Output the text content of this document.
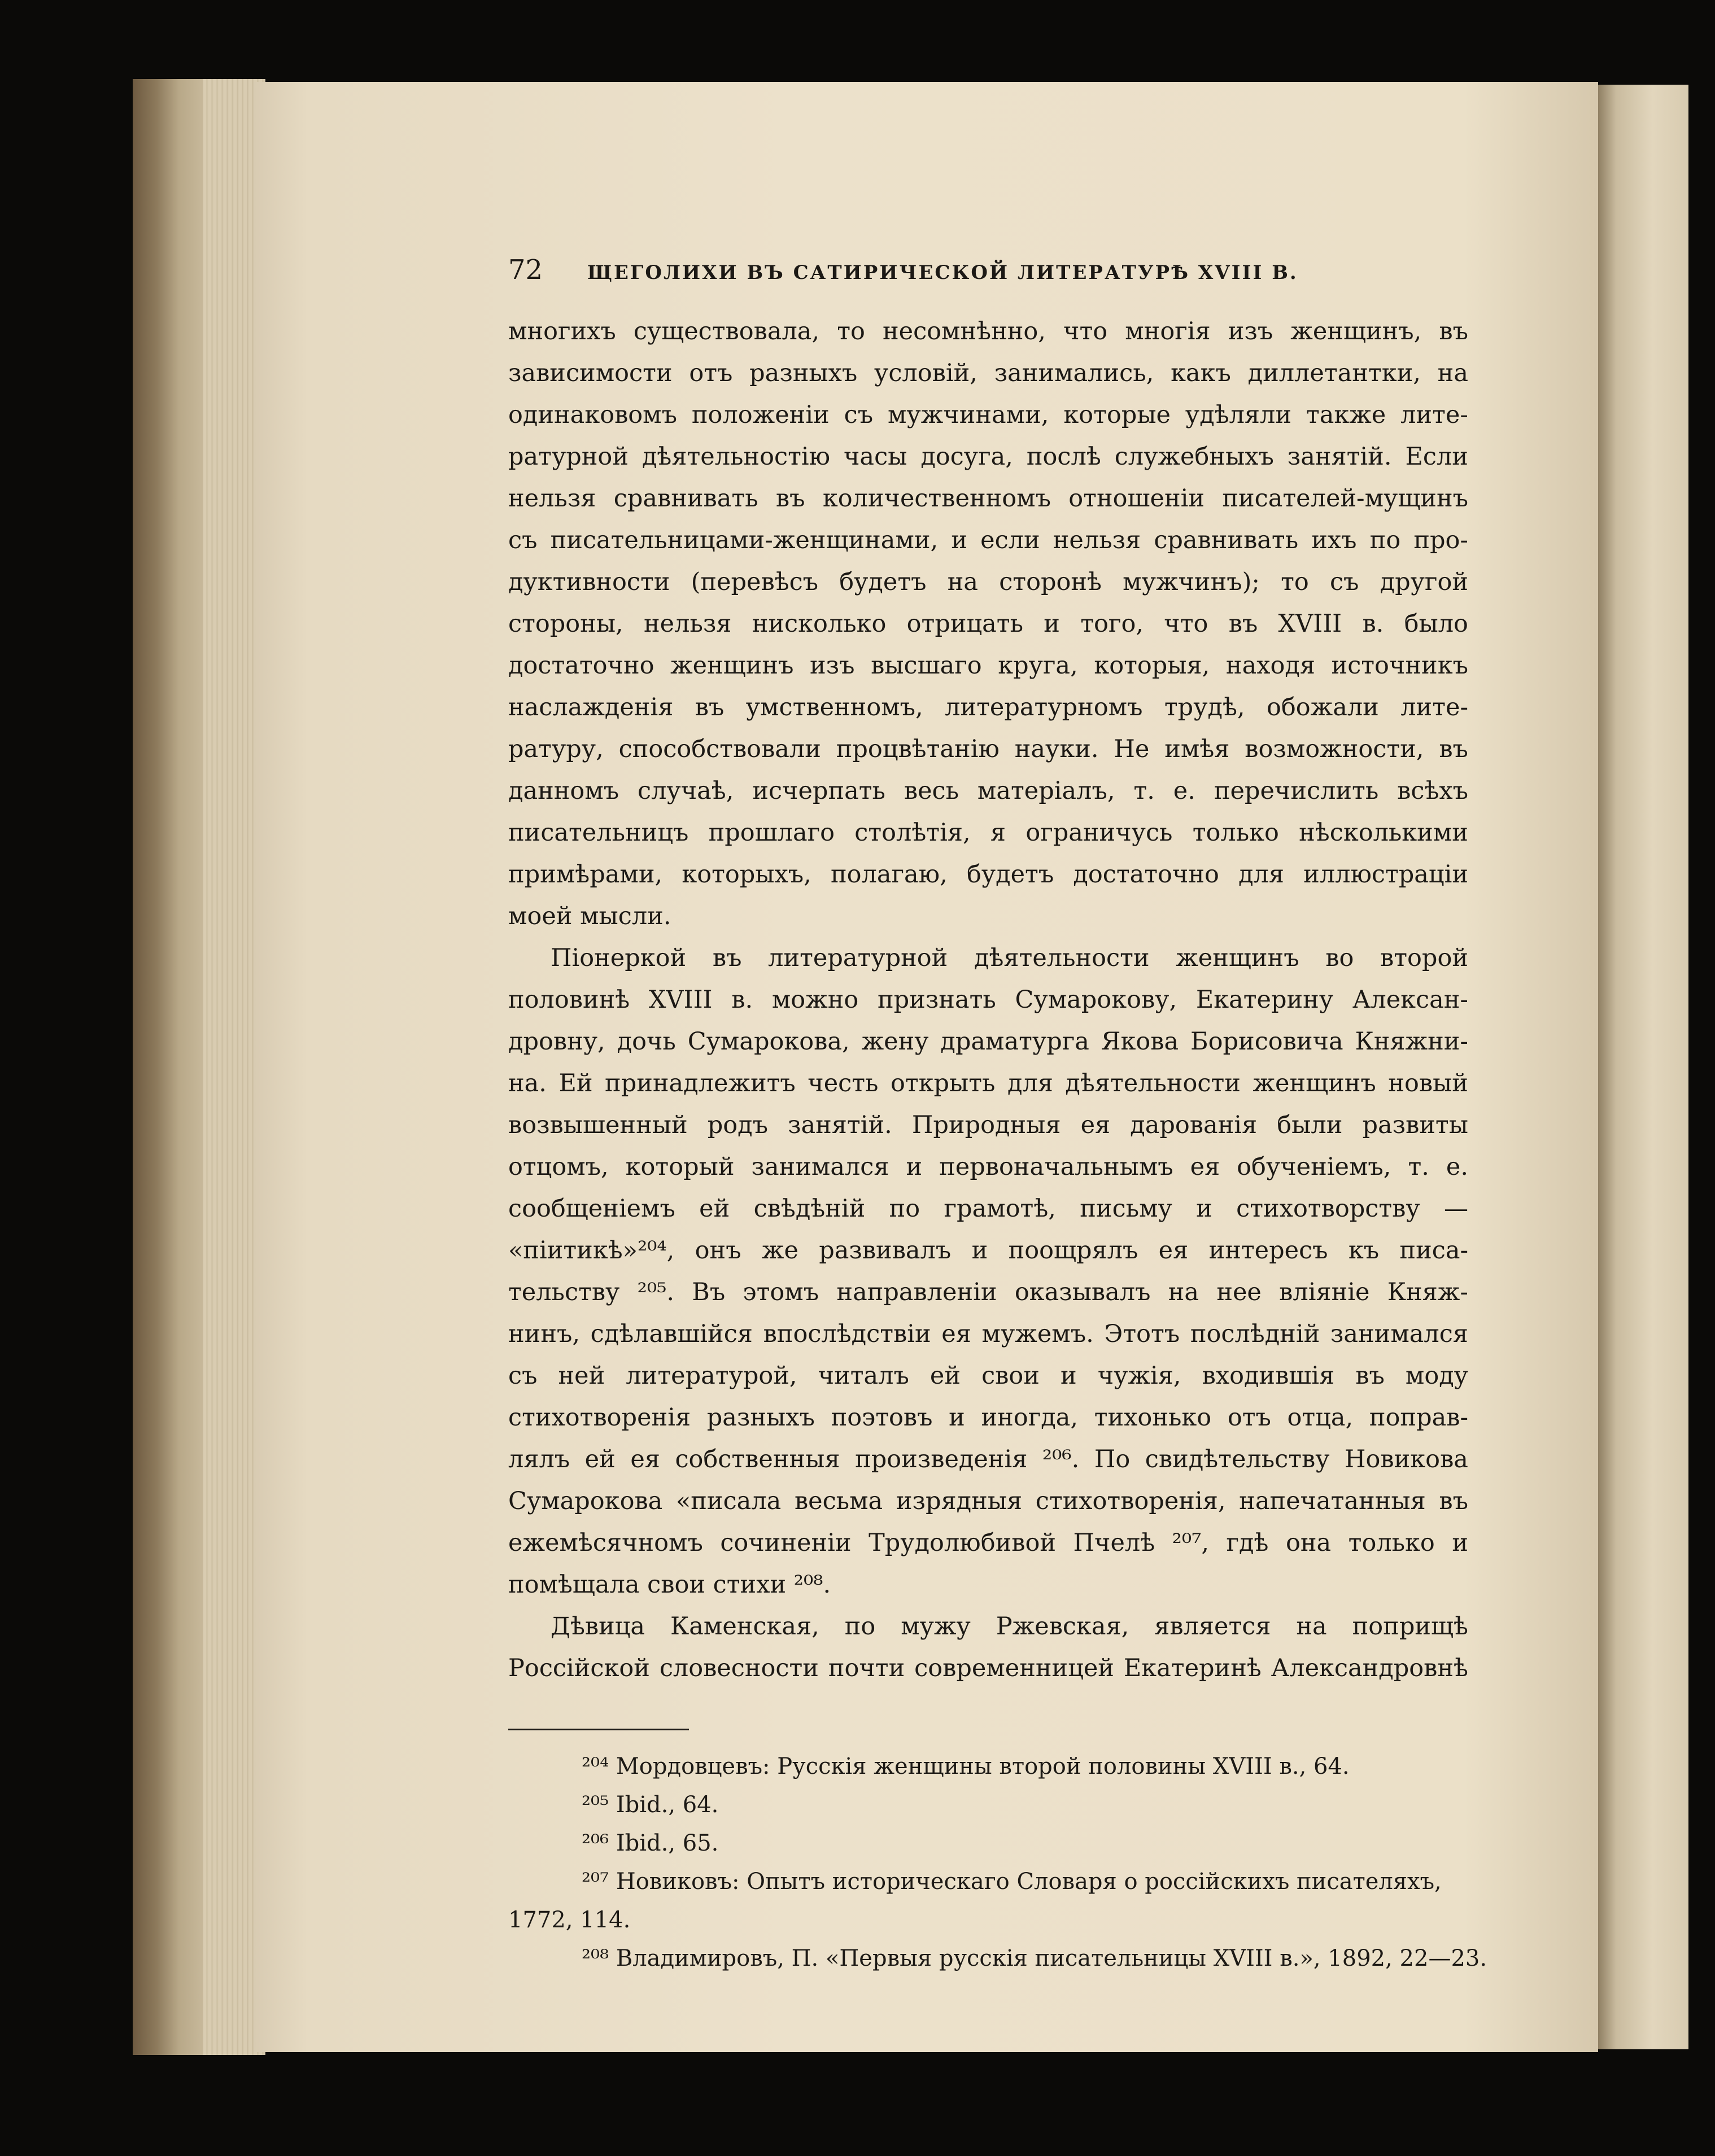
72	ЩЕГОЛИХИ ВЪ САТИРИЧЕСКОЙ ЛИТЕРАТУРѢ XVIII В.
многихъ существовала, то несомнѣнно, что многія изъ женщинъ, въ
зависимости отъ разныхъ условій, занимались, какъ диллетантки, на
одинаковомъ положеніи съ мужчинами, которые удѣляли также лите-
ратурной дѣятельностію часы досуга, послѣ служебныхъ занятій. Если
нельзя сравнивать въ количественномъ отношеніи писателей-мущинъ
съ писательницами-женщинами, и если нельзя сравнивать ихъ по про-
дуктивности (перевѣсъ будетъ на сторонѣ мужчинъ); то съ другой
стороны, нельзя нисколько отрицать и того, что въ XVIII в. было
достаточно женщинъ изъ высшаго круга, которыя, находя источникъ
наслажденія въ умственномъ, литературномъ трудѣ, обожали лите-
ратуру, способствовали процвѣтанію науки. Не имѣя возможности, въ
данномъ случаѣ, исчерпать весь матеріалъ, т. е. перечислить всѣхъ
писательницъ прошлаго столѣтія, я ограничусь только нѣсколькими
примѣрами, которыхъ, полагаю, будетъ достаточно для иллюстраціи
моей мысли.
Піонеркой въ литературной дѣятельности женщинъ во второй
половинѣ XVIII в. можно признать Сумарокову, Екатерину Алексан-
дровну, дочь Сумарокова, жену драматурга Якова Борисовича Княжни-
на. Ей принадлежитъ честь открыть для дѣятельности женщинъ новый
возвышенный родъ занятій. Природныя ея дарованія были развиты
отцомъ, который занимался и первоначальнымъ ея обученіемъ, т. е.
сообщеніемъ ей свѣдѣній по грамотѣ, письму и стихотворству —
«піитикѣ»²⁰⁴, онъ же развивалъ и поощрялъ ея интересъ къ писа-
тельству ²⁰⁵. Въ этомъ направленіи оказывалъ на нее вліяніе Княж-
нинъ, сдѣлавшійся впослѣдствіи ея мужемъ. Этотъ послѣдній занимался
съ ней литературой, читалъ ей свои и чужія, входившія въ моду
стихотворенія разныхъ поэтовъ и иногда, тихонько отъ отца, поправ-
лялъ ей ея собственныя произведенія ²⁰⁶. По свидѣтельству Новикова
Сумарокова «писала весьма изрядныя стихотворенія, напечатанныя въ
ежемѣсячномъ сочиненіи Трудолюбивой Пчелѣ ²⁰⁷, гдѣ она только и
помѣщала свои стихи ²⁰⁸.
Дѣвица Каменская, по мужу Ржевская, является на поприщѣ
Россійской словесности почти современницей Екатеринѣ Александровнѣ
²⁰⁴ Мордовцевъ: Русскія женщины второй половины XVIII в., 64.
²⁰⁵ Ibid., 64.
²⁰⁶ Ibid., 65.
²⁰⁷ Новиковъ: Опытъ историческаго Словаря о россійскихъ писателяхъ,
1772, 114.
²⁰⁸ Владимировъ, П. «Первыя русскія писательницы XVIII в.», 1892, 22—23.
